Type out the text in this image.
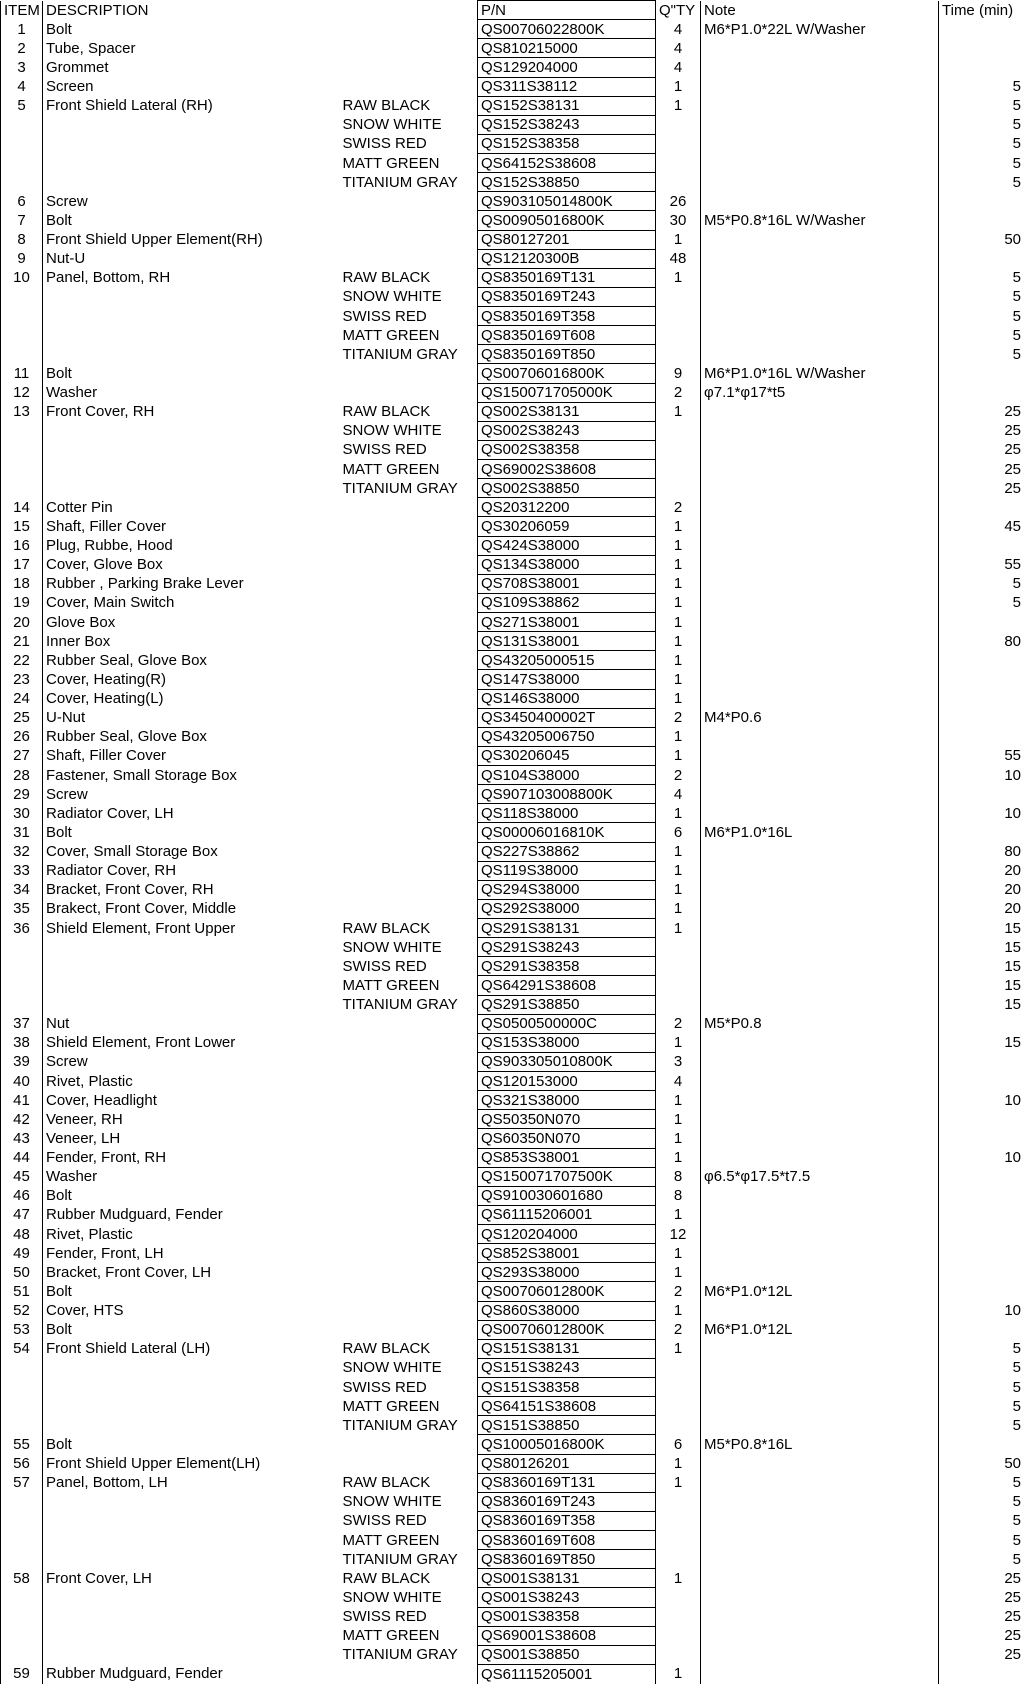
ITEM	DESCRIPTION		P/N	Q"TY	Note	Time (min)
1	Bolt		QS00706022800K	4	M6*P1.0*22L W/Washer	
2	Tube, Spacer		QS810215000	4		
3	Grommet		QS129204000	4		
4	Screen		QS311S38112	1		5
5	Front Shield Lateral (RH)	RAW BLACK	QS152S38131	1		5
		SNOW WHITE	QS152S38243			5
		SWISS RED	QS152S38358			5
		MATT GREEN	QS64152S38608			5
		TITANIUM GRAY	QS152S38850			5
6	Screw		QS903105014800K	26		
7	Bolt		QS00905016800K	30	M5*P0.8*16L W/Washer	
8	Front Shield Upper Element(RH)		QS80127201	1		50
9	Nut-U		QS12120300B	48		
10	Panel, Bottom, RH	RAW BLACK	QS8350169T131	1		5
		SNOW WHITE	QS8350169T243			5
		SWISS RED	QS8350169T358			5
		MATT GREEN	QS8350169T608			5
		TITANIUM GRAY	QS8350169T850			5
11	Bolt		QS00706016800K	9	M6*P1.0*16L W/Washer	
12	Washer		QS150071705000K	2	φ7.1*φ17*t5	
13	Front Cover, RH	RAW BLACK	QS002S38131	1		25
		SNOW WHITE	QS002S38243			25
		SWISS RED	QS002S38358			25
		MATT GREEN	QS69002S38608			25
		TITANIUM GRAY	QS002S38850			25
14	Cotter Pin		QS20312200	2		
15	Shaft, Filler Cover		QS30206059	1		45
16	Plug, Rubbe, Hood		QS424S38000	1		
17	Cover, Glove Box		QS134S38000	1		55
18	Rubber , Parking Brake Lever		QS708S38001	1		5
19	Cover, Main Switch		QS109S38862	1		5
20	Glove Box		QS271S38001	1		
21	Inner Box		QS131S38001	1		80
22	Rubber Seal, Glove Box		QS43205000515	1		
23	Cover, Heating(R)		QS147S38000	1		
24	Cover, Heating(L)		QS146S38000	1		
25	U-Nut		QS3450400002T	2	M4*P0.6	
26	Rubber Seal, Glove Box		QS43205006750	1		
27	Shaft, Filler Cover		QS30206045	1		55
28	Fastener, Small Storage Box		QS104S38000	2		10
29	Screw		QS907103008800K	4		
30	Radiator Cover, LH		QS118S38000	1		10
31	Bolt		QS00006016810K	6	M6*P1.0*16L	
32	Cover, Small Storage Box		QS227S38862	1		80
33	Radiator Cover, RH		QS119S38000	1		20
34	Bracket, Front Cover, RH		QS294S38000	1		20
35	Brakect, Front Cover, Middle		QS292S38000	1		20
36	Shield Element, Front Upper	RAW BLACK	QS291S38131	1		15
		SNOW WHITE	QS291S38243			15
		SWISS RED	QS291S38358			15
		MATT GREEN	QS64291S38608			15
		TITANIUM GRAY	QS291S38850			15
37	Nut		QS0500500000C	2	M5*P0.8	
38	Shield Element, Front Lower		QS153S38000	1		15
39	Screw		QS903305010800K	3		
40	Rivet, Plastic		QS120153000	4		
41	Cover, Headlight		QS321S38000	1		10
42	Veneer, RH		QS50350N070	1		
43	Veneer, LH		QS60350N070	1		
44	Fender, Front, RH		QS853S38001	1		10
45	Washer		QS150071707500K	8	φ6.5*φ17.5*t7.5	
46	Bolt		QS910030601680	8		
47	Rubber Mudguard, Fender		QS61115206001	1		
48	Rivet, Plastic		QS120204000	12		
49	Fender, Front, LH		QS852S38001	1		
50	Bracket, Front Cover, LH		QS293S38000	1		
51	Bolt		QS00706012800K	2	M6*P1.0*12L	
52	Cover, HTS		QS860S38000	1		10
53	Bolt		QS00706012800K	2	M6*P1.0*12L	
54	Front Shield Lateral (LH)	RAW BLACK	QS151S38131	1		5
		SNOW WHITE	QS151S38243			5
		SWISS RED	QS151S38358			5
		MATT GREEN	QS64151S38608			5
		TITANIUM GRAY	QS151S38850			5
55	Bolt		QS10005016800K	6	M5*P0.8*16L	
56	Front Shield Upper Element(LH)		QS80126201	1		50
57	Panel, Bottom, LH	RAW BLACK	QS8360169T131	1		5
		SNOW WHITE	QS8360169T243			5
		SWISS RED	QS8360169T358			5
		MATT GREEN	QS8360169T608			5
		TITANIUM GRAY	QS8360169T850			5
58	Front Cover, LH	RAW BLACK	QS001S38131	1		25
		SNOW WHITE	QS001S38243			25
		SWISS RED	QS001S38358			25
		MATT GREEN	QS69001S38608			25
		TITANIUM GRAY	QS001S38850			25
59	Rubber Mudguard, Fender		QS61115205001	1		
